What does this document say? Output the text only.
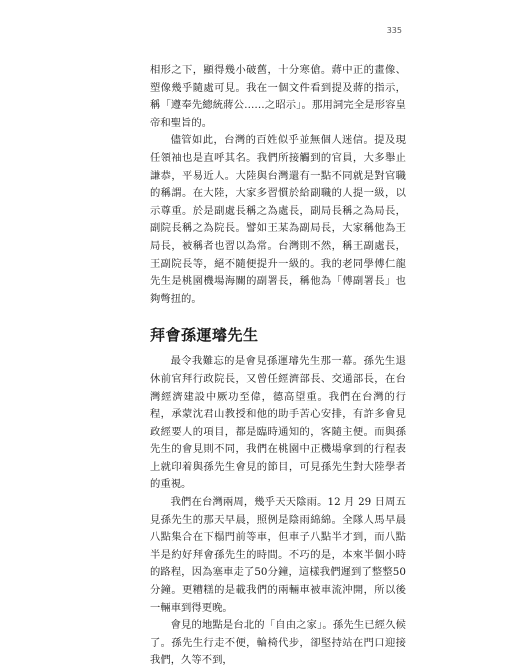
335

相形之下，顯得幾小破舊，十分寒傖。蔣中正的畫像、塑像幾乎隨處可見。我在一個文件看到提及蔣的指示，稱「遵奉先總統蔣公……之昭示」。那用詞完全是形容皇帝和聖旨的。

儘管如此，台灣的百姓似乎並無個人迷信。提及現任領袖也是直呼其名。我們所接觸到的官員，大多舉止謙恭，平易近人。大陸與台灣還有一點不同就是對官職的稱謂。在大陸，大家多習慣於給副職的人提一級，以示尊重。於是副處長稱之為處長，副局長稱之為局長，副院長稱之為院長。譬如王某為副局長，大家稱他為王局長，被稱者也習以為常。台灣則不然，稱王副處長，王副院長等，絕不隨便提升一級的。我的老同學傅仁龍先生是桃園機場海關的副署長，稱他為「傅副署長」也夠彆扭的。

拜會孫運璿先生

最令我難忘的是會見孫運璿先生那一幕。孫先生退休前官拜行政院長，又曾任經濟部長、交通部長，在台灣經濟建設中厥功至偉，德高望重。我們在台灣的行程，承蒙沈君山教授和他的助手苦心安排，有許多會見政經要人的項目，都是臨時通知的，客隨主便。而與孫先生的會見則不同，我們在桃園中正機場拿到的行程表上就印着與孫先生會見的節目，可見孫先生對大陸學者的重視。

我們在台灣兩周，幾乎天天陰雨。12 月 29 日周五見孫先生的那天早晨，照例是陰雨綿綿。全隊人馬早晨八點集合在下榻門前等車，但車子八點半才到，而八點半是約好拜會孫先生的時間。不巧的是，本來半個小時的路程，因為塞車走了50分鐘，這樣我們遲到了整整50分鐘。更糟糕的是載我們的兩輛車被車流沖開，所以後一輛車到得更晚。

會見的地點是台北的「自由之家」。孫先生已經久候了。孫先生行走不便，輪椅代步，卻堅持站在門口迎接我們，久等不到，
